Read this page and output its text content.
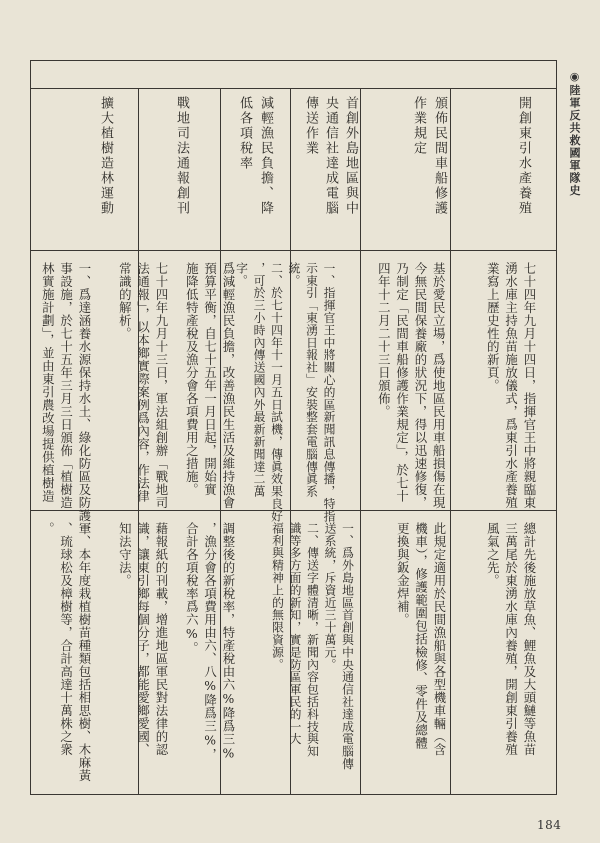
◉陸軍反共救國軍隊史
開創東引水產養殖
七十四年九月十四日，指揮官王中將親臨東
湧水庫主持魚苗施放儀式，爲東引水產養殖
業寫上歷史性的新頁。
總計先後施放草魚、鯉魚及大頭鰱等魚苗
三萬尾於東湧水庫內養殖，開創東引養殖
風氣之先。
頒佈民間車船修護 作業規定
基於愛民立場，爲使地區民用車船損傷在現
今無民間保養廠的狀況下，得以迅速修復，
乃制定「民間車船修護作業規定」，於七十
四年十二月二十三日頒佈。
此規定適用於民間漁船與各型機車輛（含
機車），修護範圍包括檢修、零件及總體
更換與鈑金焊補。
首創外島地區與中 央通信社達成電腦 傳送作業
一、指揮官王中將關心的區新聞訊息傳播，特指
示東引「東湧日報社」安裝整套電腦傳眞系
統。
二、於七十四年十一月五日試機，傳眞效果良好
，可於三小時內傳送國內外最新新聞達二萬
字。
一、爲外島地區首創與中央通信社達成電腦傳
送系統，斥資近三十萬元。
二、傳送字體清晰，新聞內容包括科技與知
識等多方面的新知，實是防區軍民的一大
福利與精神上的無限資源。
減輕漁民負擔、降 低各項稅率
爲減輕漁民負擔，改善漁民生活及維持漁會
預算平衡，自七十五年一月日起，開始實
施降低特產稅及漁分會各項費用之措施。
調整後的新稅率，特產稅由六%降爲三%
，漁分會各項費用由六、八%降爲三%，
合計各項稅率爲六%。
戰地司法通報創刊
七十四年九月十三日，軍法組創辦「戰地司
法通報」，以本鄉實際案例爲內容，作法律
常識的解析。
藉報紙的刊載，增進地區軍民對法律的認
識，讓東引鄉每個分子，都能愛鄉愛國、
知法守法。
擴大植樹造林運動
一、爲達涵養水源保持水土、綠化防區及防護軍
事設施，於七十五年三月三日頒佈「植樹造
林實施計劃」，並由東引農改場提供植樹造
一、本年度栽植樹苗種類包括相思樹、木麻黃
、琉球松及樟樹等，合計高達十萬株之衆
。
184
